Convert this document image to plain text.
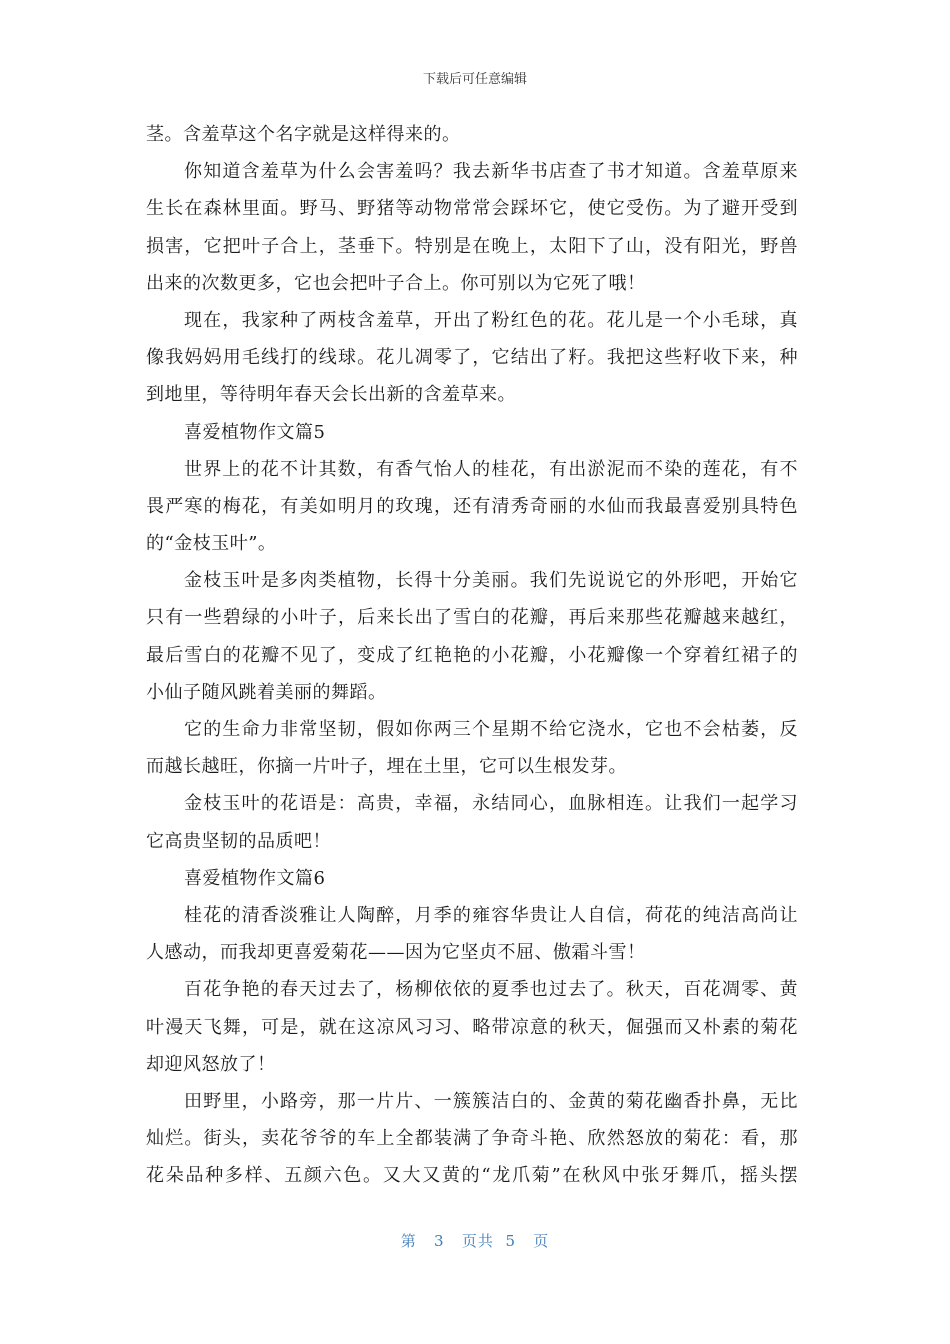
下载后可任意编辑
茎。含羞草这个名字就是这样得来的。
你知道含羞草为什么会害羞吗？我去新华书店查了书才知道。含羞草原来
生长在森林里面。野马、野猪等动物常常会踩坏它，使它受伤。为了避开受到
损害，它把叶子合上，茎垂下。特别是在晚上，太阳下了山，没有阳光，野兽
出来的次数更多，它也会把叶子合上。你可别以为它死了哦！
现在，我家种了两枝含羞草，开出了粉红色的花。花儿是一个小毛球，真
像我妈妈用毛线打的线球。花儿凋零了，它结出了籽。我把这些籽收下来，种
到地里，等待明年春天会长出新的含羞草来。
喜爱植物作文篇5
世界上的花不计其数，有香气怡人的桂花，有出淤泥而不染的莲花，有不
畏严寒的梅花，有美如明月的玫瑰，还有清秀奇丽的水仙而我最喜爱别具特色
的“金枝玉叶”。
金枝玉叶是多肉类植物，长得十分美丽。我们先说说它的外形吧，开始它
只有一些碧绿的小叶子，后来长出了雪白的花瓣，再后来那些花瓣越来越红，
最后雪白的花瓣不见了，变成了红艳艳的小花瓣，小花瓣像一个穿着红裙子的
小仙子随风跳着美丽的舞蹈。
它的生命力非常坚韧，假如你两三个星期不给它浇水，它也不会枯萎，反
而越长越旺，你摘一片叶子，埋在土里，它可以生根发芽。
金枝玉叶的花语是：高贵，幸福，永结同心，血脉相连。让我们一起学习
它高贵坚韧的品质吧！
喜爱植物作文篇6
桂花的清香淡雅让人陶醉，月季的雍容华贵让人自信，荷花的纯洁高尚让
人感动，而我却更喜爱菊花——因为它坚贞不屈、傲霜斗雪！
百花争艳的春天过去了，杨柳依依的夏季也过去了。秋天，百花凋零、黄
叶漫天飞舞，可是，就在这凉风习习、略带凉意的秋天，倔强而又朴素的菊花
却迎风怒放了！
田野里，小路旁，那一片片、一簇簇洁白的、金黄的菊花幽香扑鼻，无比
灿烂。街头，卖花爷爷的车上全都装满了争奇斗艳、欣然怒放的菊花：看，那
花朵品种多样、五颜六色。又大又黄的“龙爪菊”在秋风中张牙舞爪，摇头摆
第 3 页共 5 页
